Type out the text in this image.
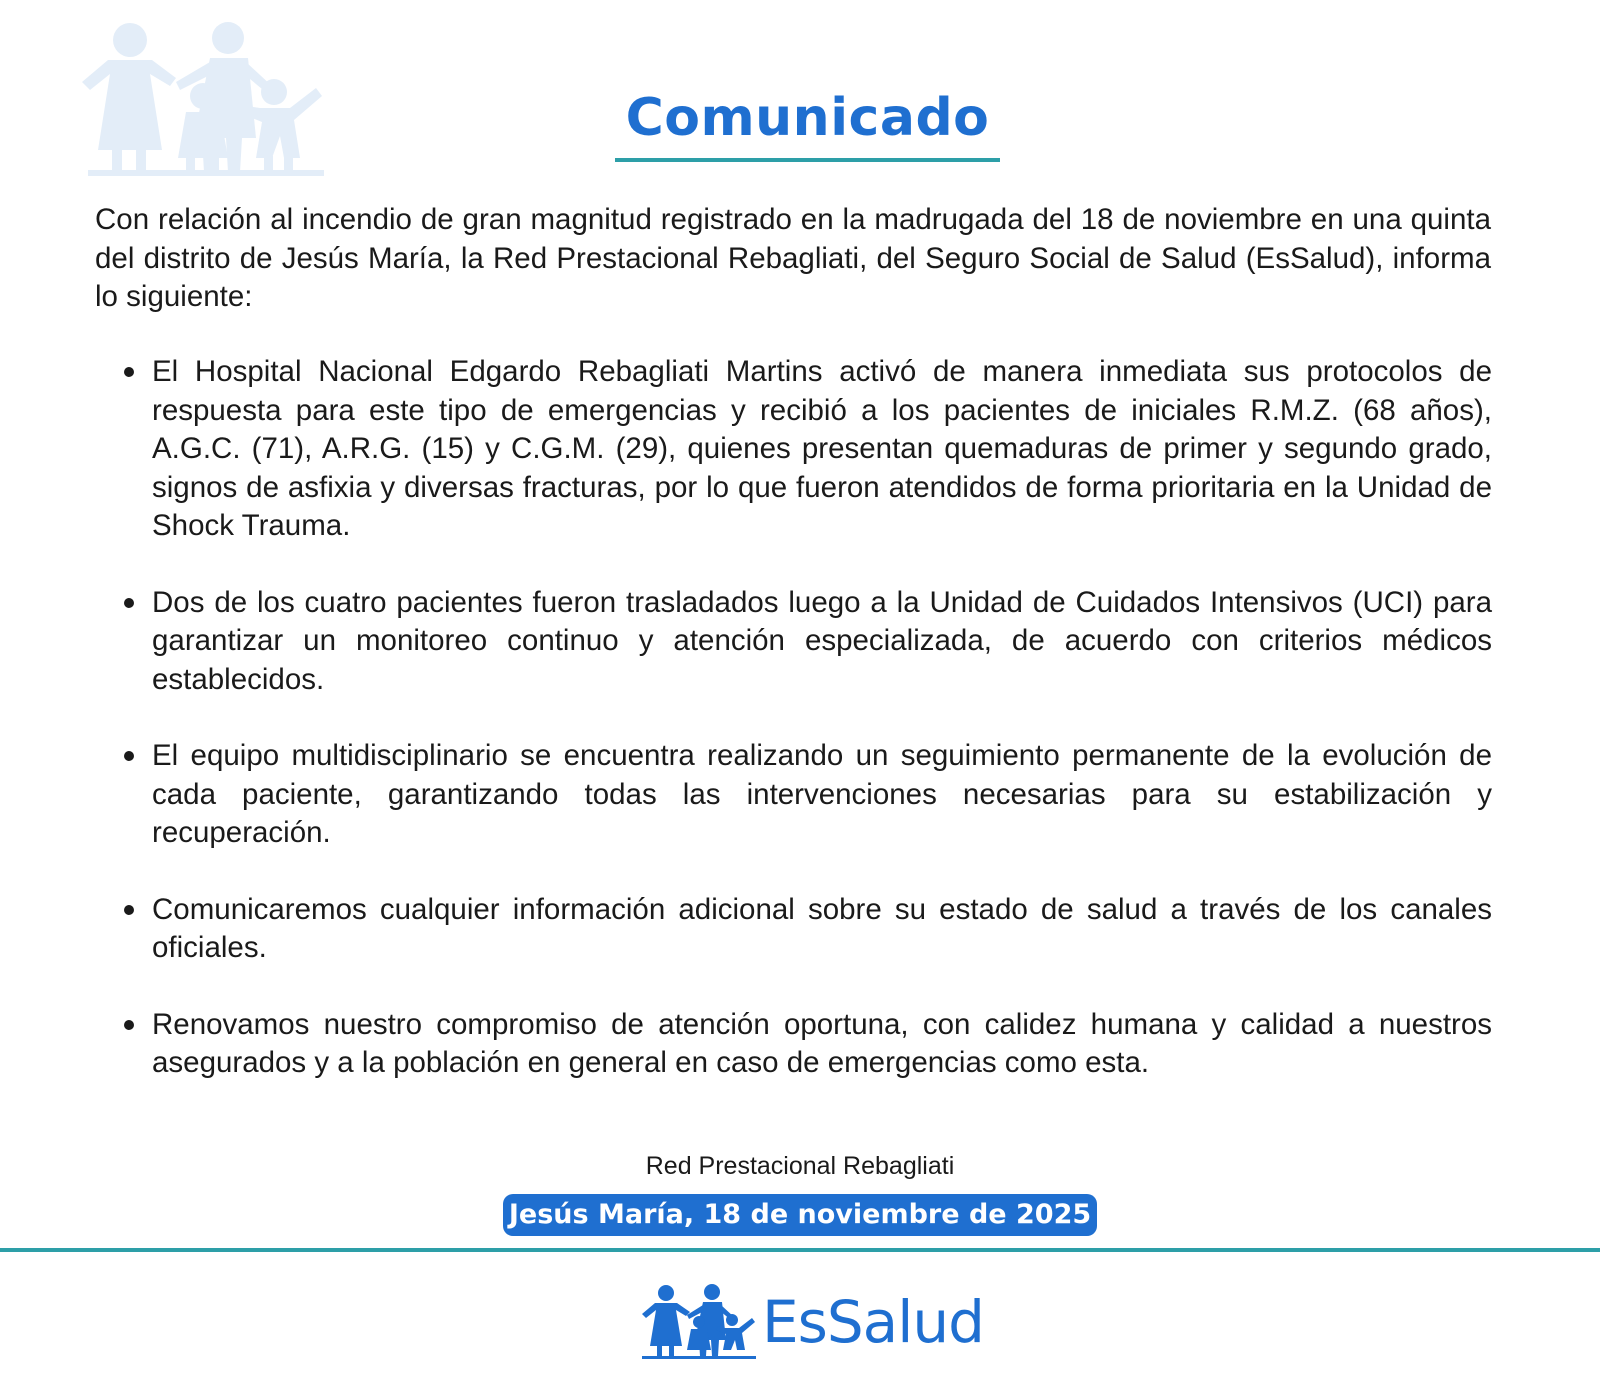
Comunicado

Con relación al incendio de gran magnitud registrado en la madrugada del 18 de noviembre en una quinta del distrito de Jesús María, la Red Prestacional Rebagliati, del Seguro Social de Salud (EsSalud), informa lo siguiente:

El Hospital Nacional Edgardo Rebagliati Martins activó de manera inmediata sus protocolos de respuesta para este tipo de emergencias y recibió a los pacientes de iniciales R.M.Z. (68 años), A.G.C. (71), A.R.G. (15) y C.G.M. (29), quienes presentan quemaduras de primer y segundo grado, signos de asfixia y diversas fracturas, por lo que fueron atendidos de forma prioritaria en la Unidad de Shock Trauma.
Dos de los cuatro pacientes fueron trasladados luego a la Unidad de Cuidados Intensivos (UCI) para garantizar un monitoreo continuo y atención especializada, de acuerdo con criterios médicos establecidos.
El equipo multidisciplinario se encuentra realizando un seguimiento permanente de la evolución de cada paciente, garantizando todas las intervenciones necesarias para su estabilización y recuperación.
Comunicaremos cualquier información adicional sobre su estado de salud a través de los canales oficiales.
Renovamos nuestro compromiso de atención oportuna, con calidez humana y calidad a nuestros asegurados y a la población en general en caso de emergencias como esta.
Red Prestacional Rebagliati
Jesús María, 18 de noviembre de 2025
EsSalud
